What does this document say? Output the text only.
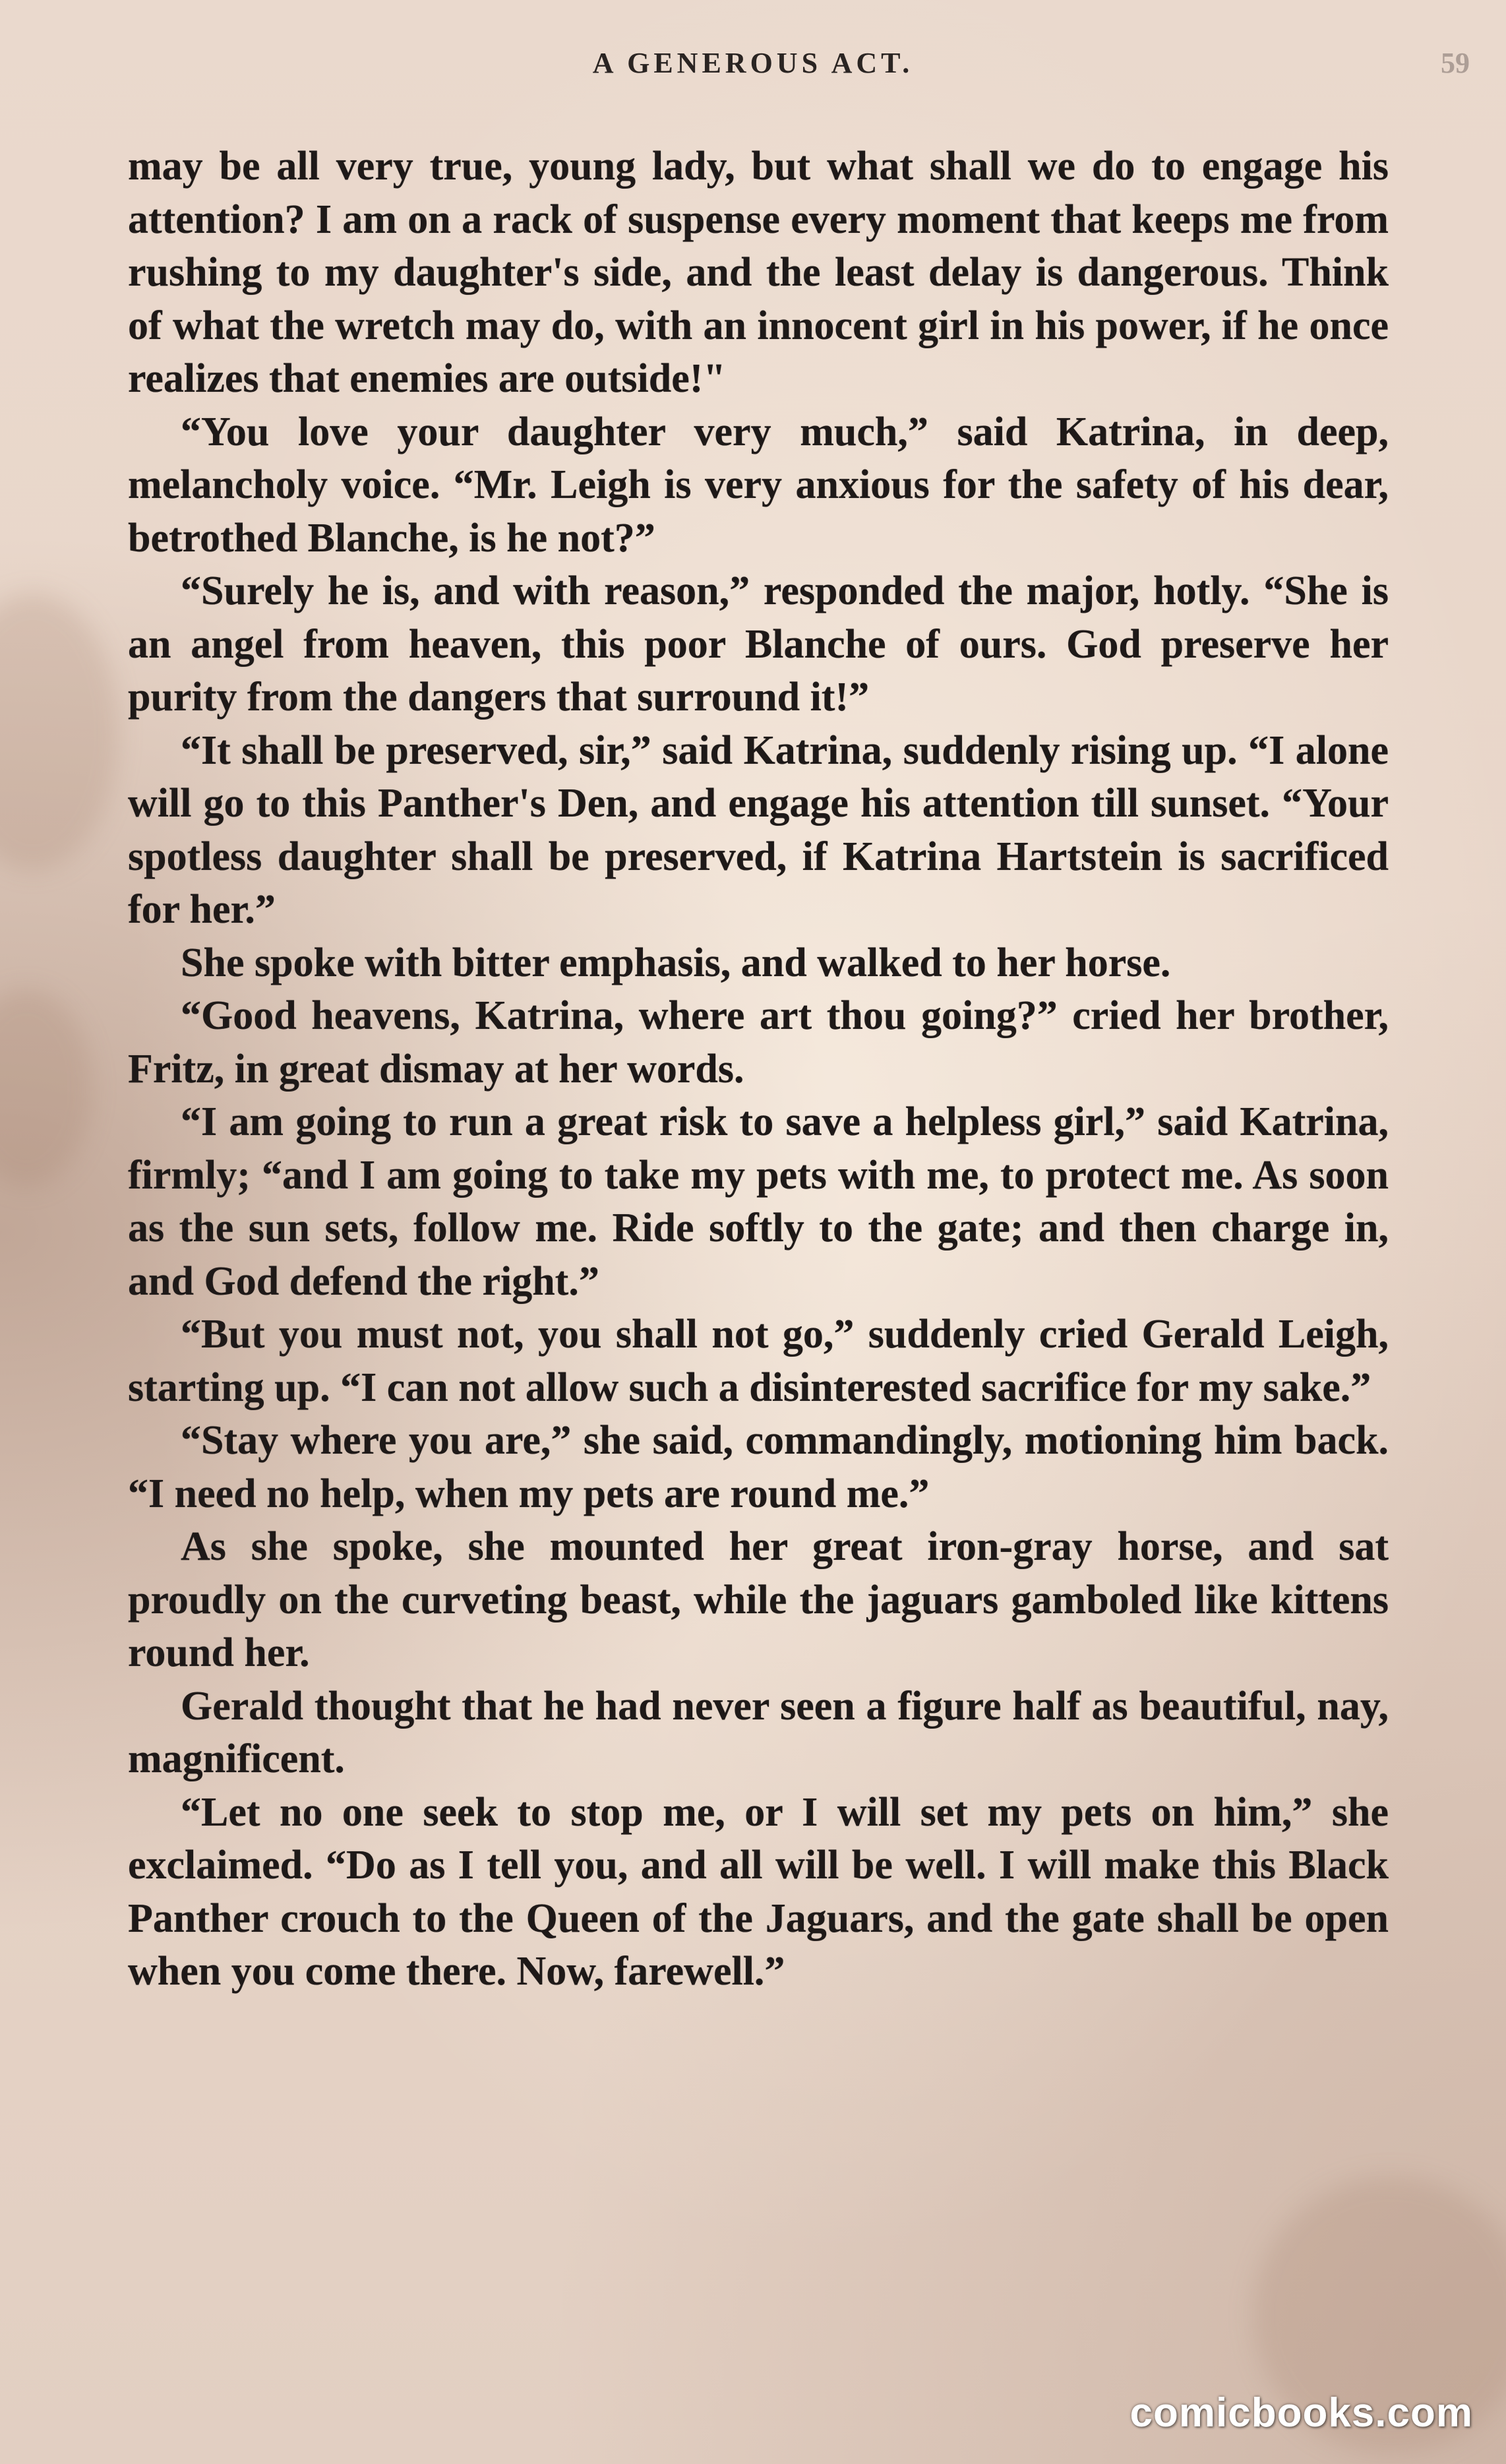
A GENEROUS ACT.	59

may be all very true, young lady, but what shall we do to engage his attention? I am on a rack of suspense every moment that keeps me from rushing to my daughter's side, and the least delay is dangerous. Think of what the wretch may do, with an innocent girl in his power, if he once realizes that enemies are outside!"

“You love your daughter very much,” said Katrina, in deep, melancholy voice. “Mr. Leigh is very anxious for the safety of his dear, betrothed Blanche, is he not?”

“Surely he is, and with reason,” responded the major, hotly. “She is an angel from heaven, this poor Blanche of ours. God preserve her purity from the dangers that surround it!”

“It shall be preserved, sir,” said Katrina, suddenly rising up. “I alone will go to this Panther's Den, and engage his attention till sunset. “Your spotless daughter shall be preserved, if Katrina Hartstein is sacrificed for her.”

She spoke with bitter emphasis, and walked to her horse.

“Good heavens, Katrina, where art thou going?” cried her brother, Fritz, in great dismay at her words.

“I am going to run a great risk to save a helpless girl,” said Katrina, firmly; “and I am going to take my pets with me, to protect me. As soon as the sun sets, follow me. Ride softly to the gate; and then charge in, and God defend the right.”

“But you must not, you shall not go,” suddenly cried Gerald Leigh, starting up. “I can not allow such a disinterested sacrifice for my sake.”

“Stay where you are,” she said, commandingly, motioning him back. “I need no help, when my pets are round me.”

As she spoke, she mounted her great iron-gray horse, and sat proudly on the curveting beast, while the jaguars gamboled like kittens round her.

Gerald thought that he had never seen a figure half as beautiful, nay, magnificent.

“Let no one seek to stop me, or I will set my pets on him,” she exclaimed. “Do as I tell you, and all will be well. I will make this Black Panther crouch to the Queen of the Jaguars, and the gate shall be open when you come there. Now, farewell.”

comicbooks.com
